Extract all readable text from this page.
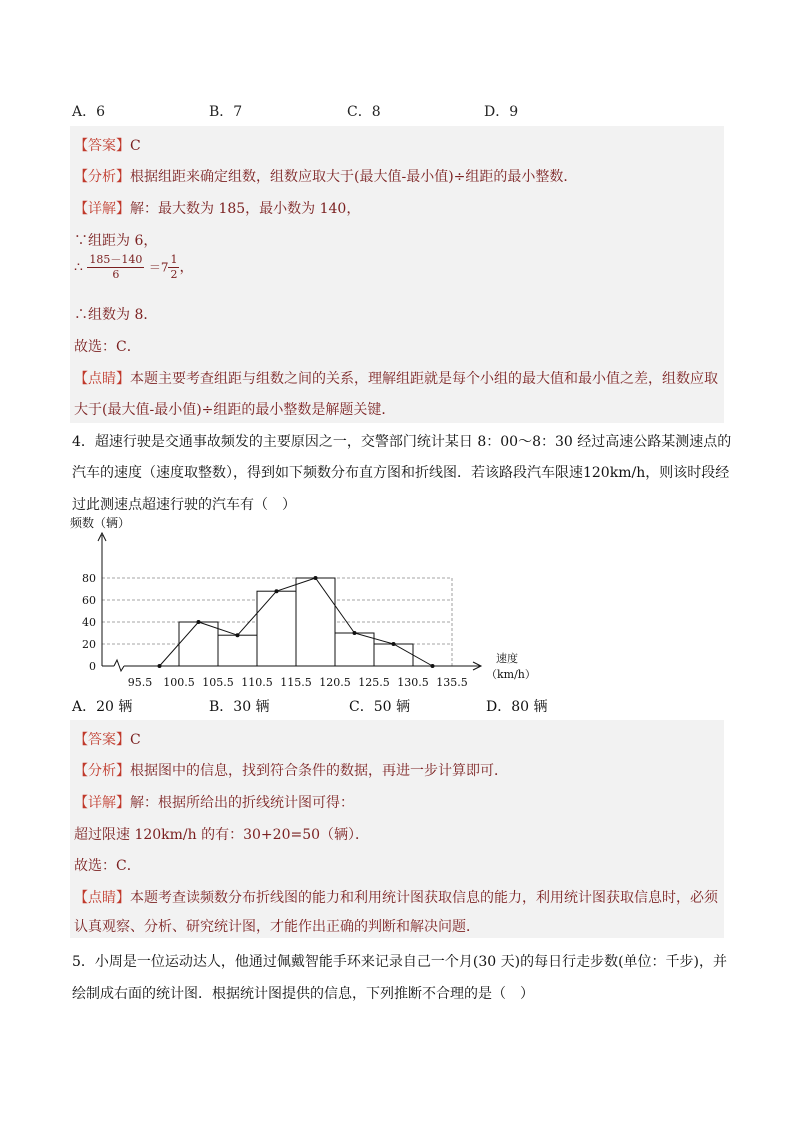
A．6	B．7	C．8	D．9
【答案】C
【分析】根据组距来确定组数，组数应取大于(最大值-最小值)÷组距的最小整数．
【详解】解：最大数为 185，最小数为 140，
∵组距为 6，
∴ $\frac{185-140}{6} =7 \frac{1}{2}$ ，
∴组数为 8．
故选：C．
【点睛】本题主要考查组距与组数之间的关系，理解组距就是每个小组的最大值和最小值之差，组数应取
大于(最大值-最小值)÷组距的最小整数是解题关键．
4．超速行驶是交通事故频发的主要原因之一，交警部门统计某日 8：00～8：30 经过高速公路某测速点的
汽车的速度（速度取整数），得到如下频数分布直方图和折线图．若该路段汽车限速120km/h，则该时段经
过此测速点超速行驶的汽车有（　）
0
20
40
60
80
95.5 100.5 105.5 110.5 115.5 120.5 125.5 130.5 135.5
频数（辆）
速度
（km/h）
A．20 辆	B．30 辆	C．50 辆	D．80 辆
【答案】C
【分析】根据图中的信息，找到符合条件的数据，再进一步计算即可．
【详解】解：根据所给出的折线统计图可得：
超过限速 120km/h 的有：30+20=50（辆）．
故选：C．
【点睛】本题考查读频数分布折线图的能力和利用统计图获取信息的能力，利用统计图获取信息时，必须
认真观察、分析、研究统计图，才能作出正确的判断和解决问题．
5．小周是一位运动达人，他通过佩戴智能手环来记录自己一个月(30 天)的每日行走步数(单位：千步)，并
绘制成右面的统计图．根据统计图提供的信息，下列推断不合理的是（　）
